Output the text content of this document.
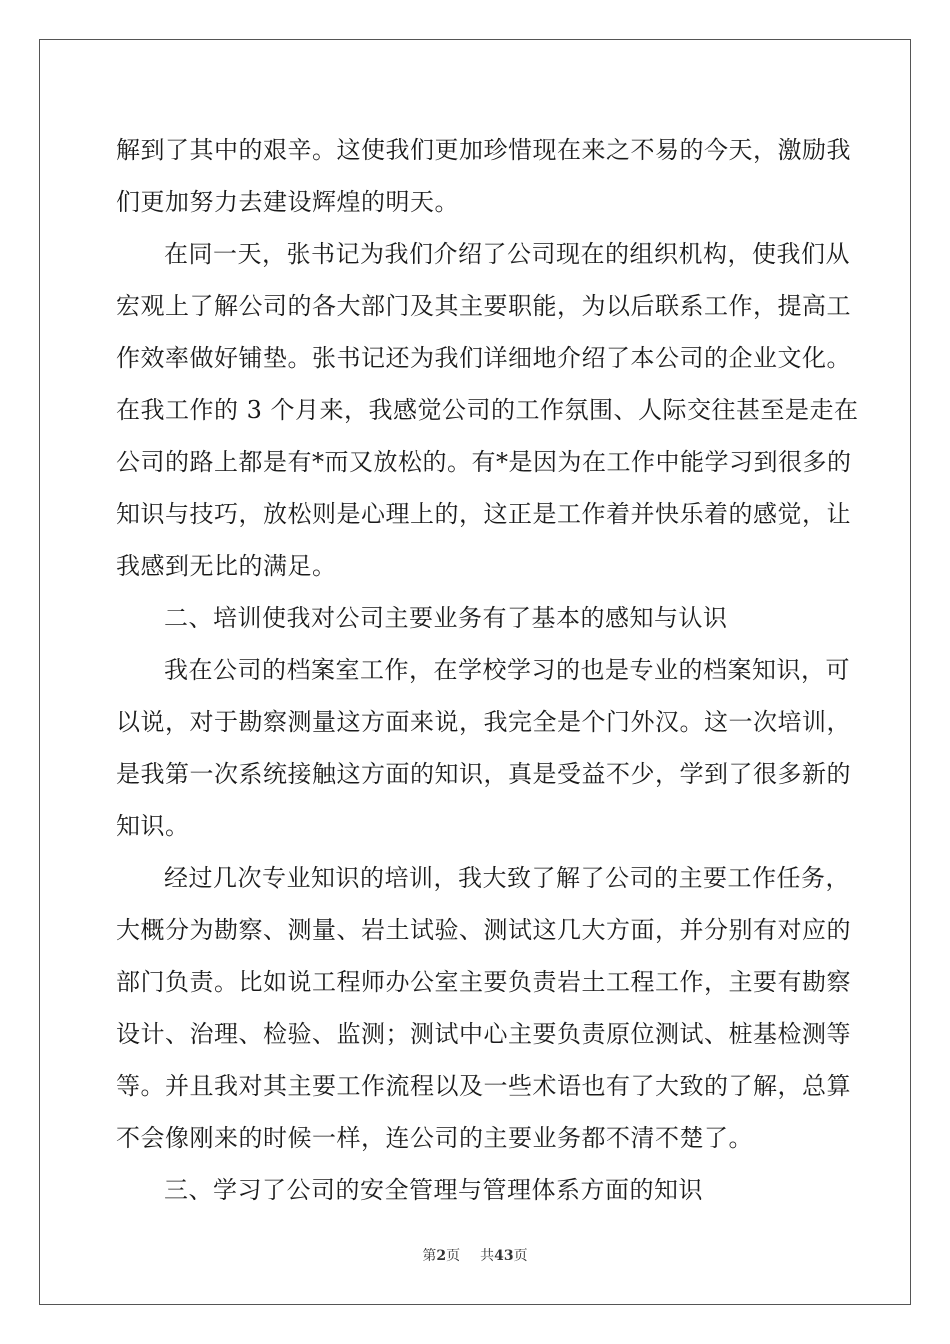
解到了其中的艰辛。这使我们更加珍惜现在来之不易的今天，激励我
们更加努力去建设辉煌的明天。
在同一天，张书记为我们介绍了公司现在的组织机构，使我们从
宏观上了解公司的各大部门及其主要职能，为以后联系工作，提高工
作效率做好铺垫。张书记还为我们详细地介绍了本公司的企业文化。
在我工作的 3 个月来，我感觉公司的工作氛围、人际交往甚至是走在
公司的路上都是有*而又放松的。有*是因为在工作中能学习到很多的
知识与技巧，放松则是心理上的，这正是工作着并快乐着的感觉，让
我感到无比的满足。
二、培训使我对公司主要业务有了基本的感知与认识
我在公司的档案室工作，在学校学习的也是专业的档案知识，可
以说，对于勘察测量这方面来说，我完全是个门外汉。这一次培训，
是我第一次系统接触这方面的知识，真是受益不少，学到了很多新的
知识。
经过几次专业知识的培训，我大致了解了公司的主要工作任务，
大概分为勘察、测量、岩土试验、测试这几大方面，并分别有对应的
部门负责。比如说工程师办公室主要负责岩土工程工作，主要有勘察
设计、治理、检验、监测；测试中心主要负责原位测试、桩基检测等
等。并且我对其主要工作流程以及一些术语也有了大致的了解，总算
不会像刚来的时候一样，连公司的主要业务都不清不楚了。
三、学习了公司的安全管理与管理体系方面的知识
第2页 共43页
